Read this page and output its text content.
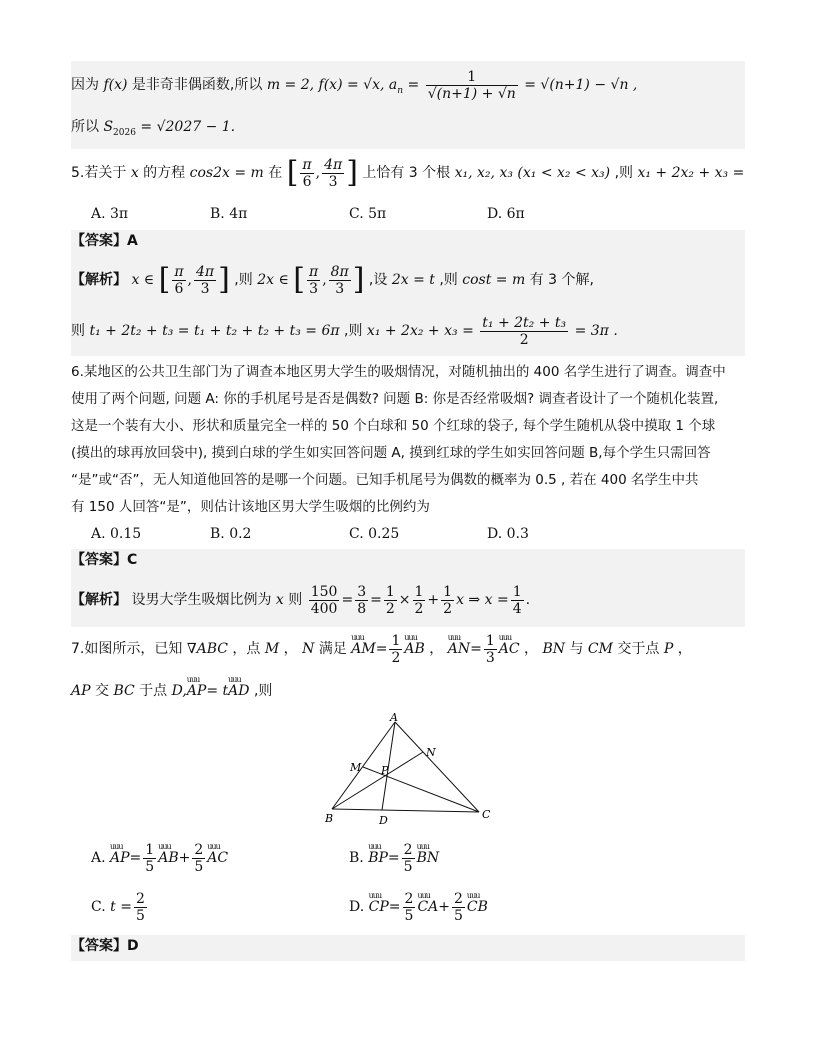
因为 f(x) 是非奇非偶函数,所以 m = 2, f(x) = √x, $a_n = \frac{1}{√(n+1) + √n} = √(n+1) - √n$ ,
所以 $S_{2026} = √2027 - 1$.
5.若关于 x 的方程 cos2x = m 在 [ $\frac{\pi}{6}$ , $\frac{4\pi}{3}$ ] 上恰有 3 个根 x₁, x₂, x₃ (x₁ < x₂ < x₃) ,则 x₁ + 2x₂ + x₃ =
A. 3π	B. 4π	C. 5π	D. 6π
【答案】A
【解析】 x ∈ [ $\frac{\pi}{6}$ , $\frac{4\pi}{3}$ ] ,则 2x ∈ [ $\frac{\pi}{3}$ , $\frac{8\pi}{3}$ ] ,设 2x = t ,则 cost = m 有 3 个解,
则 t₁ + 2t₂ + t₃ = t₁ + t₂ + t₂ + t₃ = 6π ,则 $x_1 + 2x_2 + x_3 = \frac{\text{t₁ + 2t₂ + t₃}}{2} = 3\pi$ .
6.某地区的公共卫生部门为了调查本地区男大学生的吸烟情况，对随机抽出的 400 名学生进行了调查。调查中
使用了两个问题, 问题 A: 你的手机尾号是否是偶数? 问题 B: 你是否经常吸烟? 调查者设计了一个随机化装置,
这是一个装有大小、形状和质量完全一样的 50 个白球和 50 个红球的袋子, 每个学生随机从袋中摸取 1 个球
(摸出的球再放回袋中), 摸到白球的学生如实回答问题 A, 摸到红球的学生如实回答问题 B,每个学生只需回答
“是”或“否”，无人知道他回答的是哪一个问题。已知手机尾号为偶数的概率为 0.5 , 若在 400 名学生中共
有 150 人回答“是”，则估计该地区男大学生吸烟的比例约为
A. 0.15	B. 0.2	C. 0.25	D. 0.3
【答案】C
【解析】 设男大学生吸烟比例为 x 则 $\frac{150}{400} = \frac{3}{8} = \frac{1}{2} \times \frac{1}{2} + \frac{1}{2}$ x ⇒ $x = \frac{1}{4}$ .
7.如图所示，已知 ∇ABC ，点 M ， N 满足 uuu $AM= \frac{1}{2}$ uuu AB ， uuu $AN= \frac{1}{3}$ uuu AC ， BN 与 CM 交于点 P ，
AP 交 BC 于点 D,uuu AP= tuuu AD ,则
A
B	C
M
N
P
D
A. uuu $AP= \frac{1}{5}$ uuu $AB+ \frac{2}{5}$ uuu AC	B. uuu $BP= \frac{2}{5}$ uuu BN
C. $t = \frac{2}{5}$	D. uuu $CP= \frac{2}{5}$ uuu $CA+ \frac{2}{5}$ uuu CB
【答案】D
